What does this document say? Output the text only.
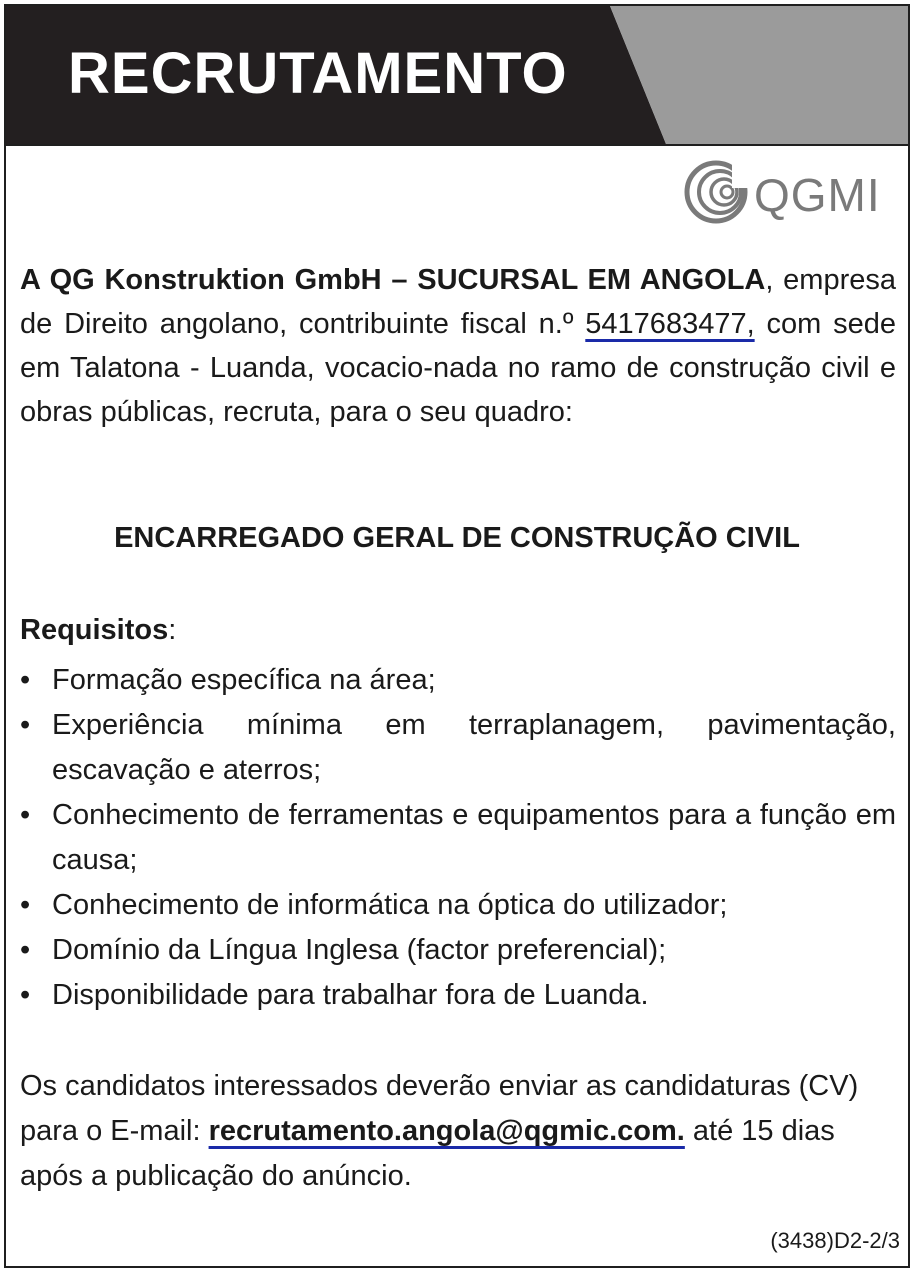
RECRUTAMENTO
QGMI

A QG Konstruktion GmbH – SUCURSAL EM ANGOLA, empresa de Direito angolano, contribuinte fiscal n.º 5417683477, com sede em Talatona - Luanda, vocacio-nada no ramo de construção civil e obras públicas, recruta, para o seu quadro:

ENCARREGADO GERAL DE CONSTRUÇÃO CIVIL

Requisitos:

• Formação específica na área;
• Experiência mínima em terraplanagem, pavimentação, escavação e aterros;
• Conhecimento de ferramentas e equipamentos para a função em causa;
• Conhecimento de informática na óptica do utilizador;
• Domínio da Língua Inglesa (factor preferencial);
• Disponibilidade para trabalhar fora de Luanda.

Os candidatos interessados deverão enviar as candidaturas (CV) para o E-mail: recrutamento.angola@qgmic.com. até 15 dias após a publicação do anúncio.

(3438)D2-2/3
